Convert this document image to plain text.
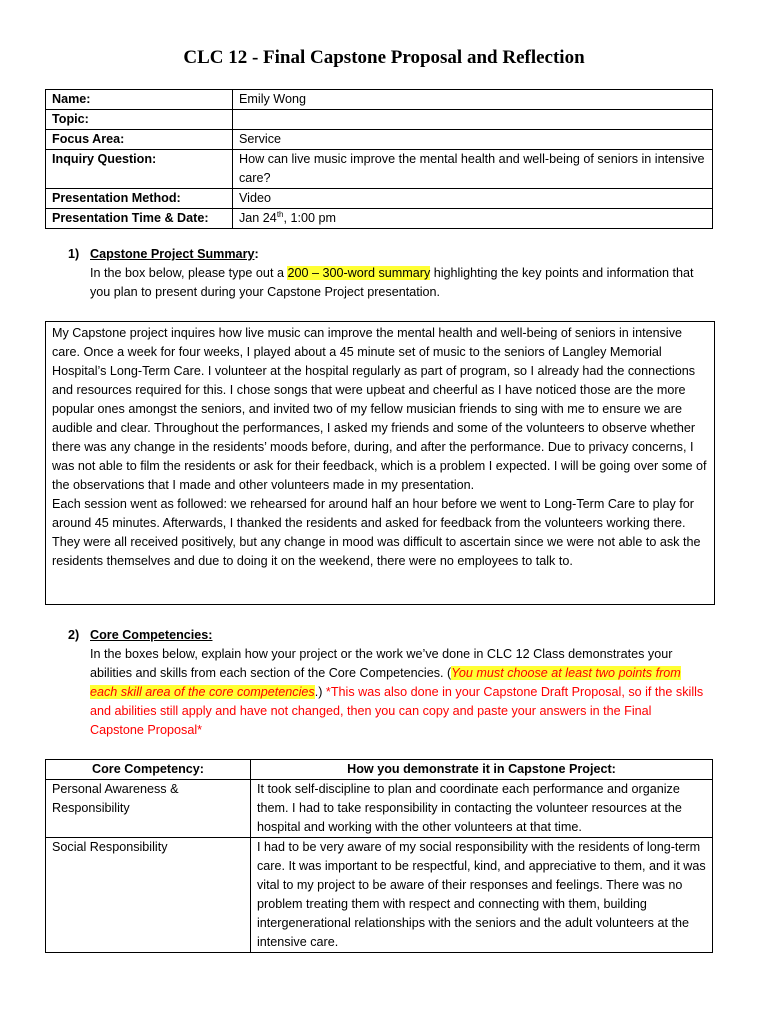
CLC 12 - Final Capstone Proposal and Reflection
Name:	Emily Wong
Topic:	
Focus Area:	Service
Inquiry Question:	How can live music improve the mental health and well-being of seniors in intensive care?
Presentation Method:	Video
Presentation Time & Date:	Jan 24th, 1:00 pm
1) Capstone Project Summary:
In the box below, please type out a 200 – 300-word summary highlighting the key points and information that you plan to present during your Capstone Project presentation.

My Capstone project inquires how live music can improve the mental health and well-being of seniors in intensive care. Once a week for four weeks, I played about a 45 minute set of music to the seniors of Langley Memorial Hospital’s Long-Term Care. I volunteer at the hospital regularly as part of program, so I already had the connections and resources required for this. I chose songs that were upbeat and cheerful as I have noticed those are the more popular ones amongst the seniors, and invited two of my fellow musician friends to sing with me to ensure we are audible and clear. Throughout the performances, I asked my friends and some of the volunteers to observe whether there was any change in the residents’ moods before, during, and after the performance. Due to privacy concerns, I was not able to film the residents or ask for their feedback, which is a problem I expected. I will be going over some of the observations that I made and other volunteers made in my presentation.

Each session went as followed: we rehearsed for around half an hour before we went to Long-Term Care to play for around 45 minutes. Afterwards, I thanked the residents and asked for feedback from the volunteers working there. They were all received positively, but any change in mood was difficult to ascertain since we were not able to ask the residents themselves and due to doing it on the weekend, there were no employees to talk to.

2) Core Competencies:
In the boxes below, explain how your project or the work we’ve done in CLC 12 Class demonstrates your abilities and skills from each section of the Core Competencies. (You must choose at least two points from each skill area of the core competencies.) *This was also done in your Capstone Draft Proposal, so if the skills and abilities still apply and have not changed, then you can copy and paste your answers in the Final Capstone Proposal*
Core Competency:	How you demonstrate it in Capstone Project:
Personal Awareness & Responsibility	It took self-discipline to plan and coordinate each performance and organize them. I had to take responsibility in contacting the volunteer resources at the hospital and working with the other volunteers at that time.
Social Responsibility	I had to be very aware of my social responsibility with the residents of long-term care. It was important to be respectful, kind, and appreciative to them, and it was vital to my project to be aware of their responses and feelings. There was no problem treating them with respect and connecting with them, building intergenerational relationships with the seniors and the adult volunteers at the intensive care.
